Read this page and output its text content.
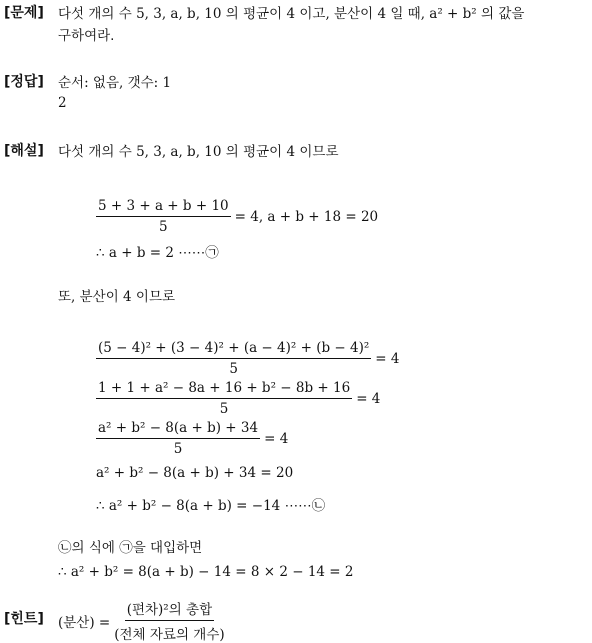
[문제] 다섯 개의 수 5, 3, a, b, 10 의 평균이 4 이고, 분산이 4 일 때, a² + b² 의 값을
구하여라.
[정답] 순서: 없음, 갯수: 1
2
[해설] 다섯 개의 수 5, 3, a, b, 10 의 평균이 4 이므로
$\frac{5 + 3 + a + b + 10}{5} = 4$, a + b + 18 = 20
∴ a + b = 2 ⋯⋯㉠
또, 분산이 4 이므로
$\frac{\text{(5 − 4)² + (3 − 4)² + (a − 4)² + (b − 4)²}}{5} = 4$
$\frac{\text{1 + 1 + a² − 8a + 16 + b² − 8b + 16}}{5} = 4$
$\frac{\text{a² + b² − 8(a + b) + 34}}{5} = 4$
a² + b² − 8(a + b) + 34 = 20
∴ a² + b² − 8(a + b) = −14 ⋯⋯㉡
㉡의 식에 ㉠을 대입하면
∴ a² + b² = 8(a + b) − 14 = 8 × 2 − 14 = 2
[힌트] (분산) = $\frac{\text{(편차)²의 총합}}{\text{(전체 자료의 개수)}}$
